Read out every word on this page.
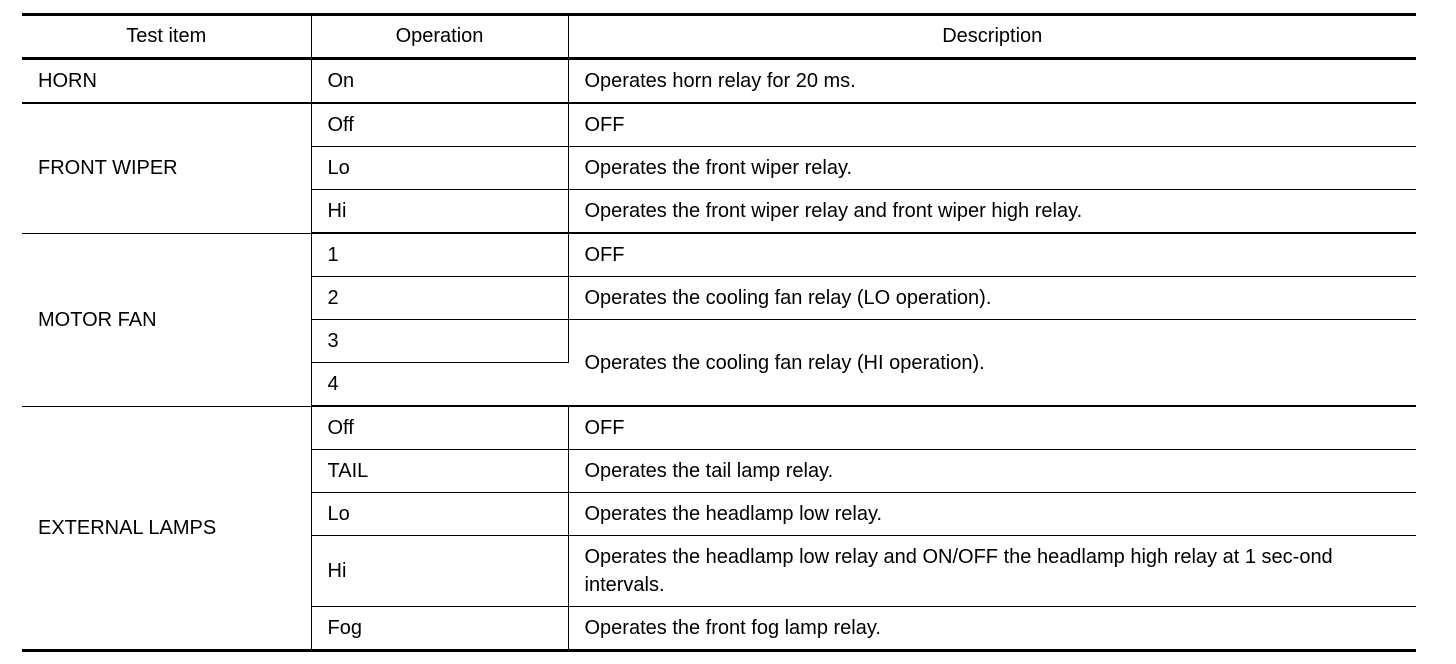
Test item	Operation	Description
HORN	On	Operates horn relay for 20 ms.
FRONT WIPER	Off	OFF
	Lo	Operates the front wiper relay.
	Hi	Operates the front wiper relay and front wiper high relay.
MOTOR FAN	1	OFF
	2	Operates the cooling fan relay (LO operation).
	3	Operates the cooling fan relay (HI operation).
	4	
EXTERNAL LAMPS	Off	OFF
	TAIL	Operates the tail lamp relay.
	Lo	Operates the headlamp low relay.
	Hi	Operates the headlamp low relay and ON/OFF the headlamp high relay at 1 sec-ond intervals.
	Fog	Operates the front fog lamp relay.
